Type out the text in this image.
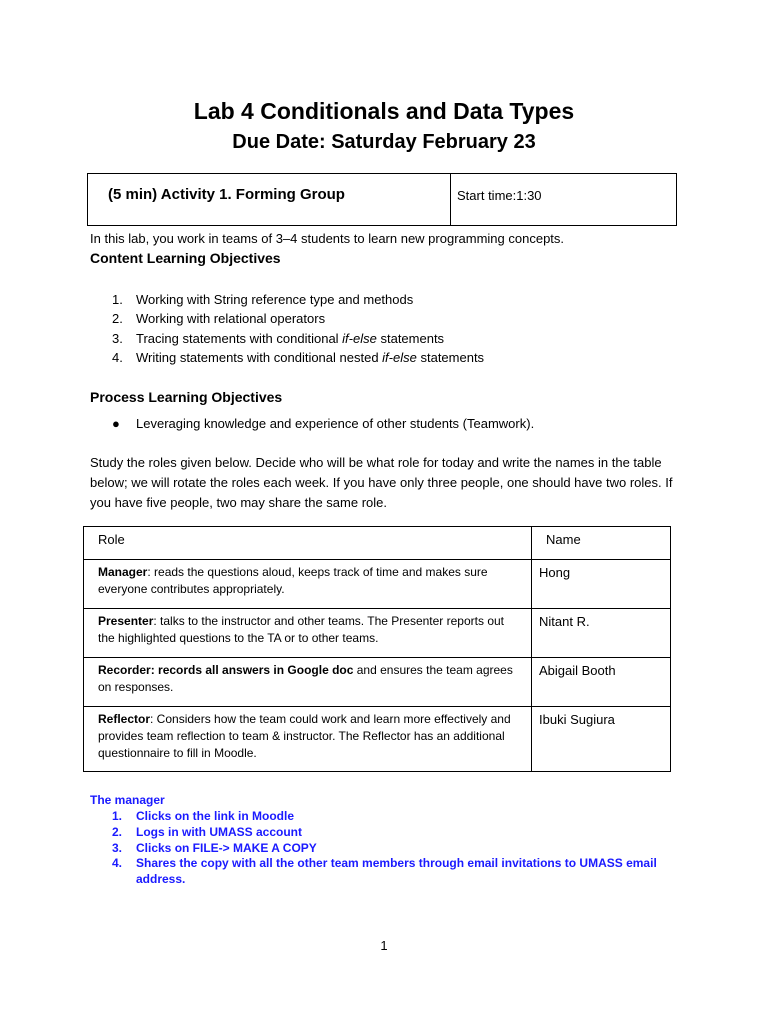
Lab 4 Conditionals and Data Types
Due Date: Saturday February 23
(5 min) Activity 1. Forming Group	Start time:1:30
In this lab, you work in teams of 3–4 students to learn new programming concepts.
Content Learning Objectives
1.	Working with String reference type and methods
2.	Working with relational operators
3.	Tracing statements with conditional if-else statements
4.	Writing statements with conditional nested if-else statements
Process Learning Objectives
●	Leveraging knowledge and experience of other students (Teamwork).
Study the roles given below. Decide who will be what role for today and write the names in the table below; we will rotate the roles each week. If you have only three people, one should have two roles. If you have five people, two may share the same role.
Role	Name
Manager: reads the questions aloud, keeps track of time and makes sure everyone contributes appropriately.	Hong
Presenter: talks to the instructor and other teams. The Presenter reports out the highlighted questions to the TA or to other teams.	Nitant R.
Recorder: records all answers in Google doc and ensures the team agrees on responses.	Abigail Booth
Reflector: Considers how the team could work and learn more effectively and provides team reflection to team & instructor. The Reflector has an additional questionnaire to fill in Moodle.	Ibuki Sugiura
The manager
1.	Clicks on the link in Moodle
2.	Logs in with UMASS account
3.	Clicks on FILE-> MAKE A COPY
4.	Shares the copy with all the other team members through email invitations to UMASS email address.
1
